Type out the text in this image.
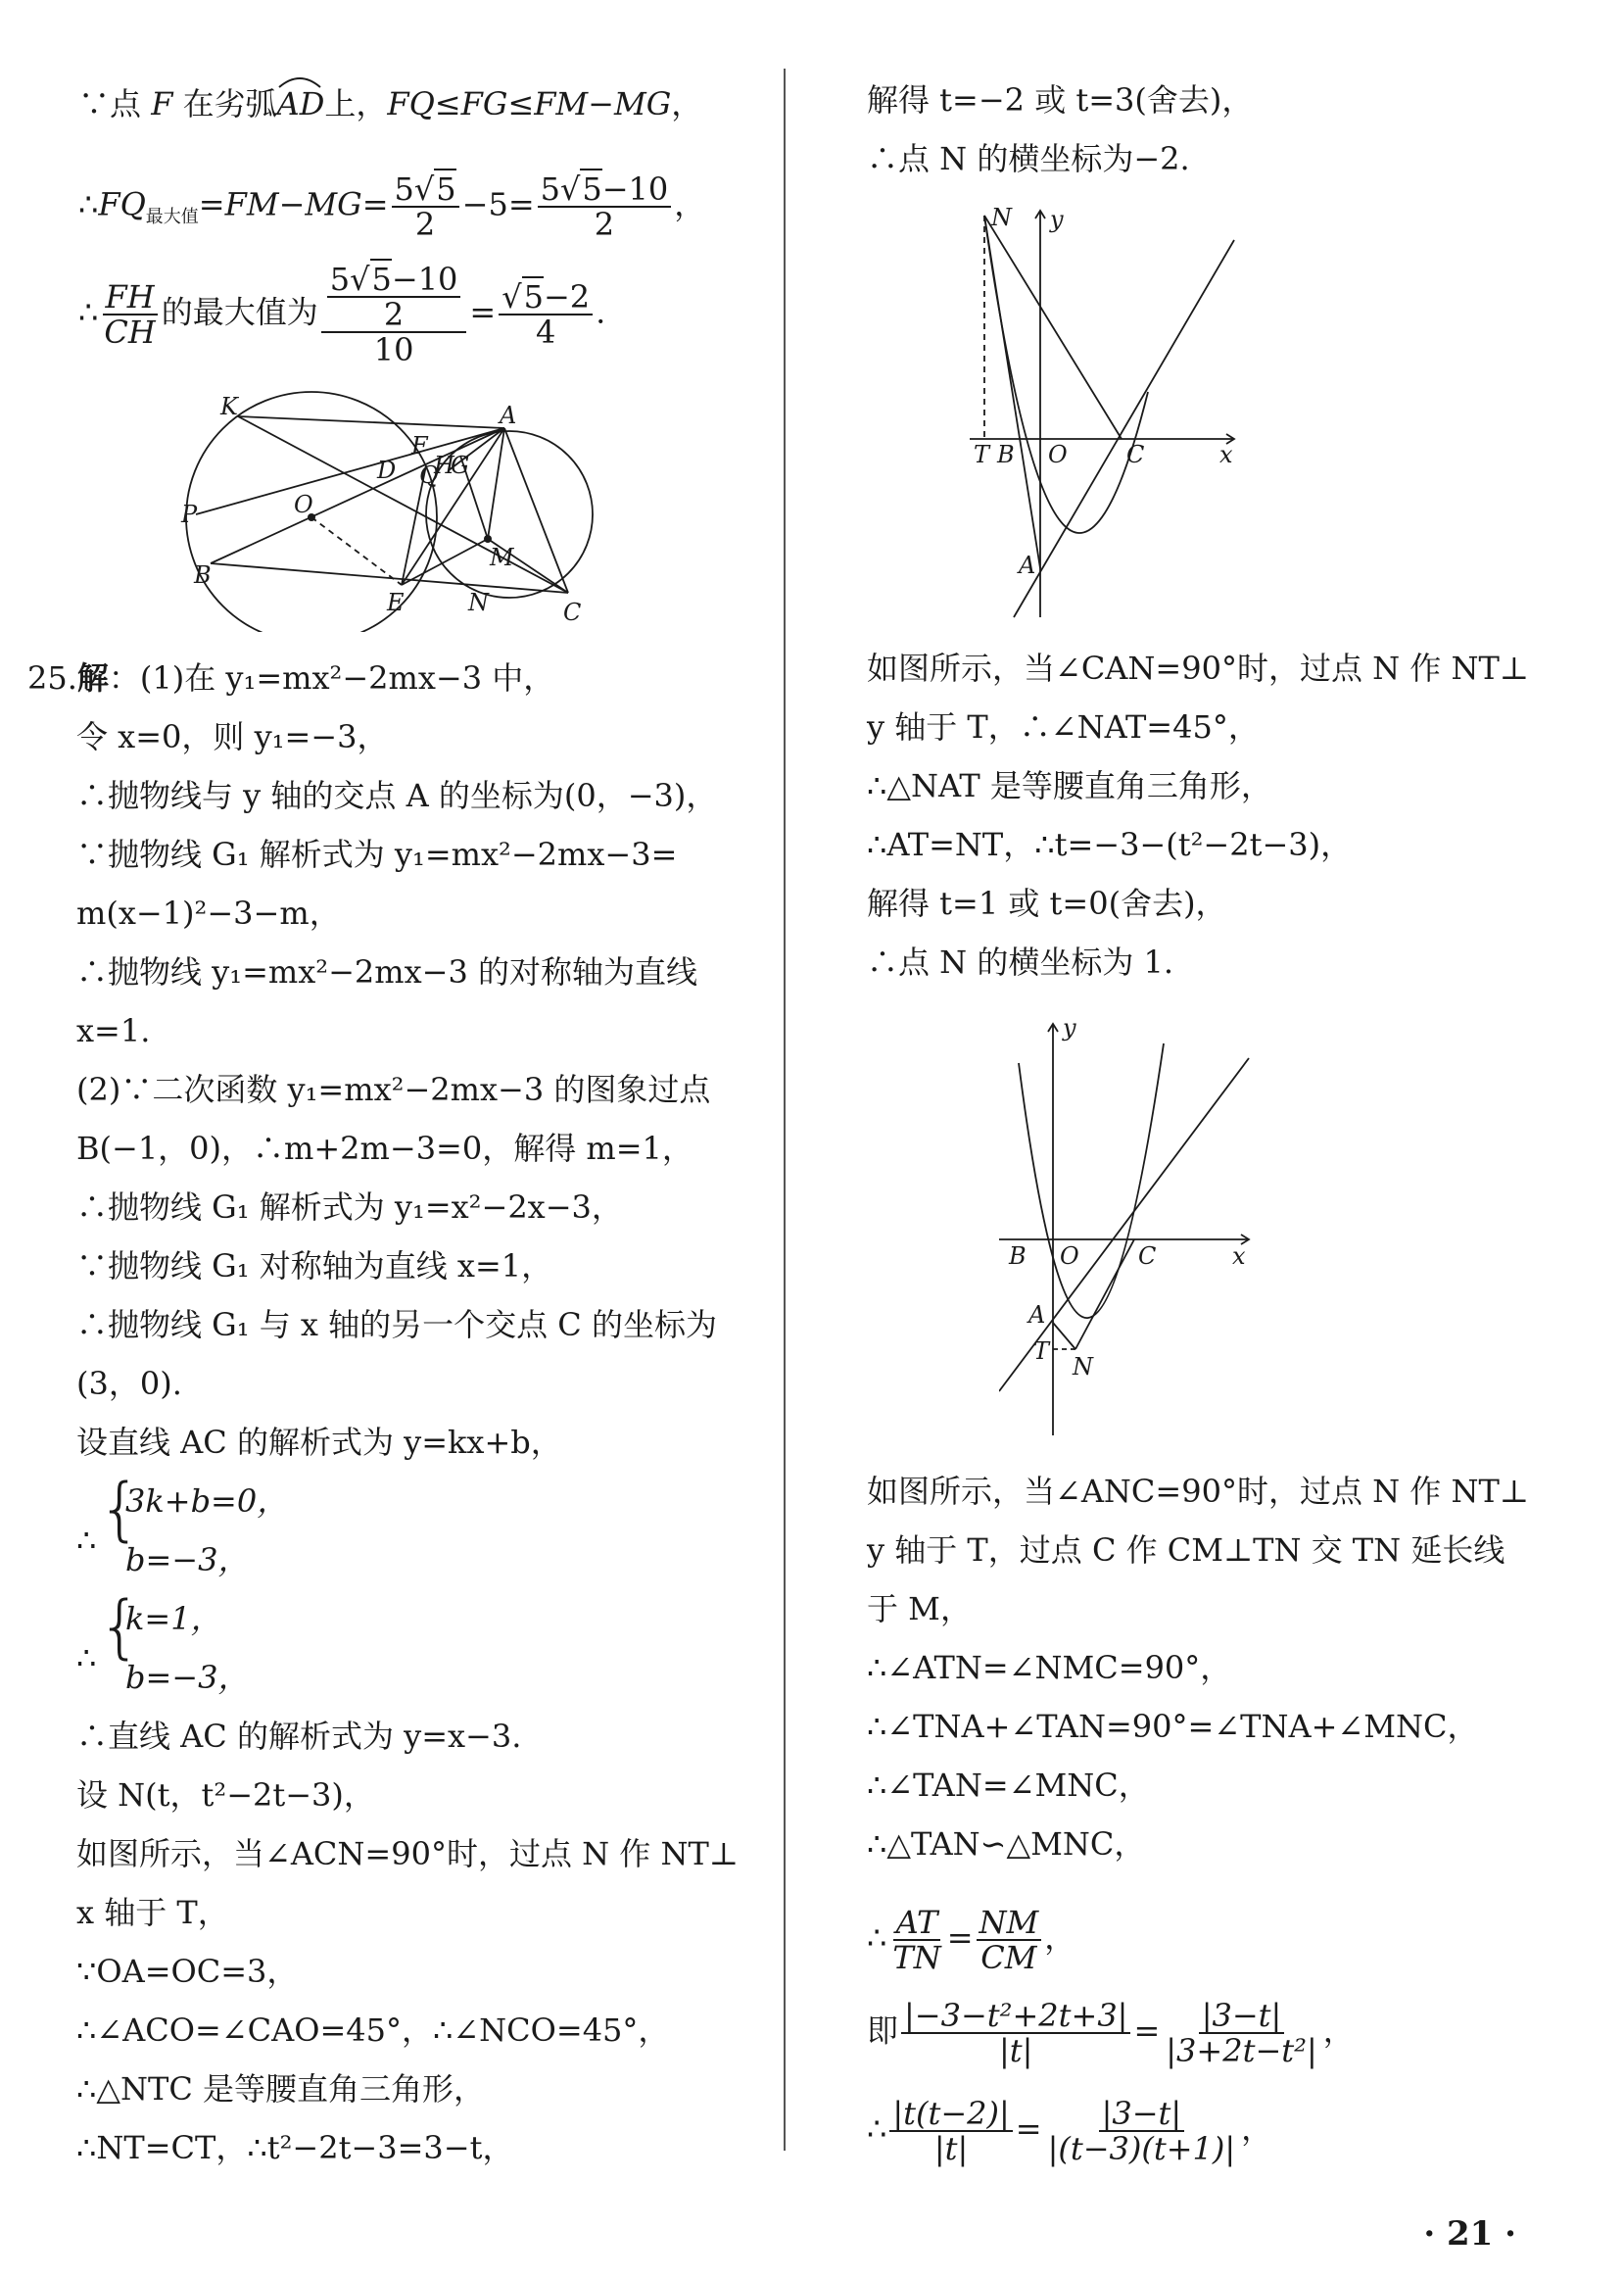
∵点 F 在劣弧
AD上，FQ≤FG≤FM−MG，
$\therefore FQ_{最大值}=FM-MG= \frac{5√5}{2} -5= \frac{5√5-10}{2}$ ，
∴ $\frac{FH}{CH}$ 的最大值为 $\frac{\frac{5√5-10}{2}}{10} = \frac{√5-2}{4}$ .
K	A
F
D Q
H
G
P	O
M
B
E	N	C
25.解：(1)在 y₁=mx²−2mx−3 中，
令 x=0，则 y₁=−3，
∴抛物线与 y 轴的交点 A 的坐标为(0，−3)，
∵抛物线 G₁ 解析式为 y₁=mx²−2mx−3=
m(x−1)²−3−m，
∴抛物线 y₁=mx²−2mx−3 的对称轴为直线
x=1.
(2)∵二次函数 y₁=mx²−2mx−3 的图象过点
B(−1，0)，∴m+2m−3=0，解得 m=1，
∴抛物线 G₁ 解析式为 y₁=x²−2x−3，
∵抛物线 G₁ 对称轴为直线 x=1，
∴抛物线 G₁ 与 x 轴的另一个交点 C 的坐标为
(3，0).
设直线 AC 的解析式为 y=kx+b，
∴ {
3k+b=0，
b=−3，
∴ {
k=1，
b=−3，
∴直线 AC 的解析式为 y=x−3.
设 N(t，t²−2t−3)，
如图所示，当∠ACN=90°时，过点 N 作 NT⊥
x 轴于 T，
∵OA=OC=3，
∴∠ACO=∠CAO=45°，∴∠NCO=45°，
∴△NTC 是等腰直角三角形，
∴NT=CT，∴t²−2t−3=3−t，
解得 t=−2 或 t=3(舍去)，
∴点 N 的横坐标为−2.
N y
T B O	C	x
A
如图所示，当∠CAN=90°时，过点 N 作 NT⊥
y 轴于 T，∴∠NAT=45°，
∴△NAT 是等腰直角三角形，
∴AT=NT，∴t=−3−(t²−2t−3)，
解得 t=1 或 t=0(舍去)，
∴点 N 的横坐标为 1.
y
B O	C	x
A
T
N
如图所示，当∠ANC=90°时，过点 N 作 NT⊥
y 轴于 T，过点 C 作 CM⊥TN 交 TN 延长线
于 M，
∴∠ATN=∠NMC=90°，
∴∠TNA+∠TAN=90°=∠TNA+∠MNC，
∴∠TAN=∠MNC，
∴△TAN∽△MNC，
∴ $\frac{AT}{TN} = \frac{NM}{CM}$ ，
即 $\frac{\text{|−3−t²+2t+3|}}{|t|} = \frac{|3-t|}{\text{|3+2t−t²|}}$ ，
∴ $\frac{|t(t-2)|}{|t|} = \frac{|3-t|}{|(t-3)(t+1)|}$ ，
· 21 ·
